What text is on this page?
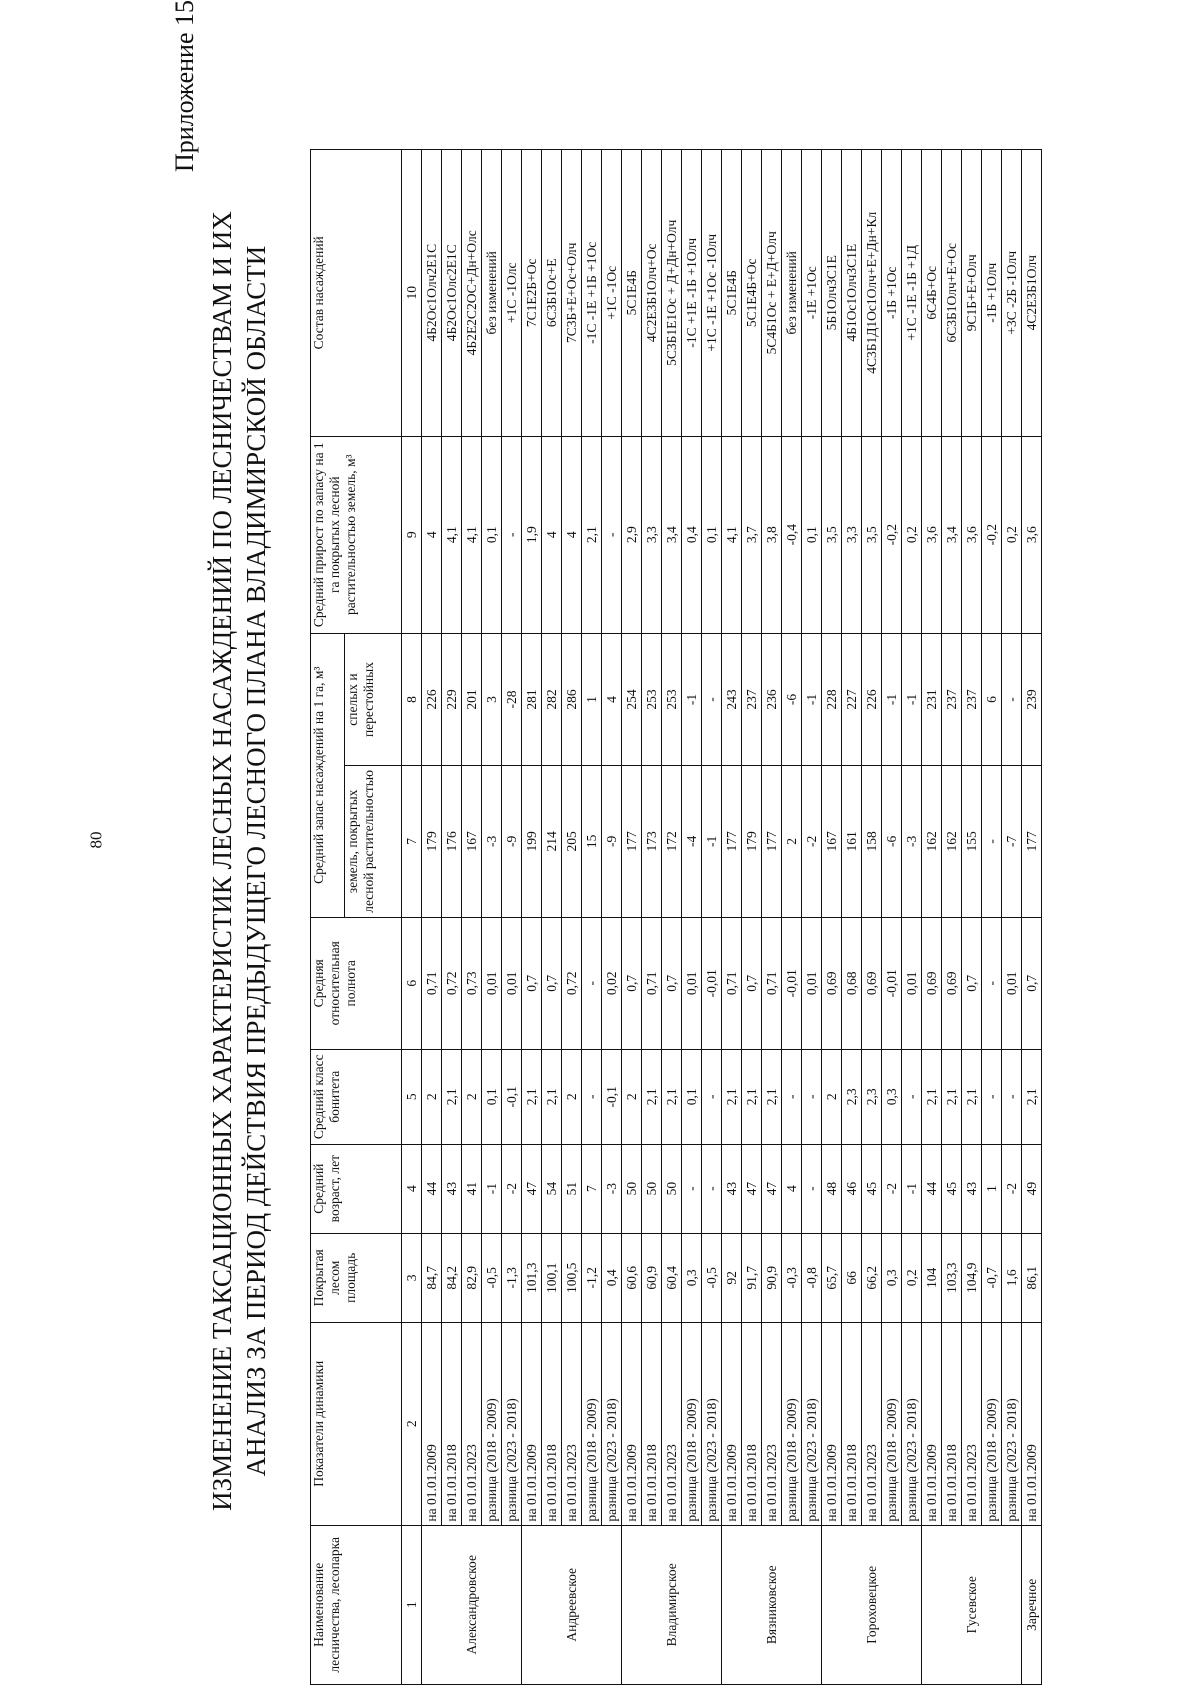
Приложение 15
ИЗМЕНЕНИЕ ТАКСАЦИОННЫХ ХАРАКТЕРИСТИК ЛЕСНЫХ НАСАЖДЕНИЙ ПО ЛЕСНИЧЕСТВАМ И ИХ АНАЛИЗ ЗА ПЕРИОД ДЕЙСТВИЯ ПРЕДЫДУЩЕГО ЛЕСНОГО ПЛАНА ВЛАДИМИРСКОЙ ОБЛАСТИ
Наименование лесничества, лесопарка	Показатели динамики	Покрытая лесом площадь	Средний возраст, лет	Средний класс бонитета	Средняя относительная полнота	Средний запас насаждений на 1 га, м³		Средний прирост по запасу на 1 га покрытых лесной растительностью земель, м³	Состав насаждений
						земель, покрытых лесной растительностью	спелых и перестойных		
1	2	3	4	5	6	7	8	9	10
Александровское	на 01.01.2009	84,7	44	2	0,71	179	226	4	4Б2Ос1Олч2Е1С
	на 01.01.2018	84,2	43	2,1	0,72	176	229	4,1	4Б2Ос1Олс2Е1С
	на 01.01.2023	82,9	41	2	0,73	167	201	4,1	4Б2Е2С2ОС+Дн+Олс
	разница (2018 - 2009)	-0,5	-1	0,1	0,01	-3	3	0,1	без изменений
	разница (2023 - 2018)	-1,3	-2	-0,1	0,01	-9	-28	-	+1С -1Олс
Андреевское	на 01.01.2009	101,3	47	2,1	0,7	199	281	1,9	7С1Е2Б+Ос
	на 01.01.2018	100,1	54	2,1	0,7	214	282	4	6С3Б1Ос+Е
	на 01.01.2023	100,5	51	2	0,72	205	286	4	7С3Б+Е+Ос+Олч
	разница (2018 - 2009)	-1,2	7	-	-	15	1	2,1	-1С -1Е +1Б +1Ос
	разница (2023 - 2018)	0,4	-3	-0,1	0,02	-9	4	-	+1С -1Ос
Владимирское	на 01.01.2009	60,6	50	2	0,7	177	254	2,9	5С1Е4Б
	на 01.01.2018	60,9	50	2,1	0,71	173	253	3,3	4С2Е3Б1Олч+Ос
	на 01.01.2023	60,4	50	2,1	0,7	172	253	3,4	5С3Б1Е1Ос + Д+Дн+Олч
	разница (2018 - 2009)	0,3	-	0,1	0,01	-4	-1	0,4	-1С +1Е -1Б +1Олч
	разница (2023 - 2018)	-0,5	-	-	-0,01	-1	-	0,1	+1С -1Е +1Ос -1Олч
Вязниковское	на 01.01.2009	92	43	2,1	0,71	177	243	4,1	5С1Е4Б
	на 01.01.2018	91,7	47	2,1	0,7	179	237	3,7	5С1Е4Б+Ос
	на 01.01.2023	90,9	47	2,1	0,71	177	236	3,8	5С4Б1Ос + Е+Д+Олч
	разница (2018 - 2009)	-0,3	4	-	-0,01	2	-6	-0,4	без изменений
	разница (2023 - 2018)	-0,8	-	-	0,01	-2	-1	0,1	-1Е +1Ос
Гороховецкое	на 01.01.2009	65,7	48	2	0,69	167	228	3,5	5Б1Олч3С1Е
	на 01.01.2018	66	46	2,3	0,68	161	227	3,3	4Б1Ос1Олч3С1Е
	на 01.01.2023	66,2	45	2,3	0,69	158	226	3,5	4С3Б1Д1Ос1Олч+Е+Дн+Кл
	разница (2018 - 2009)	0,3	-2	0,3	-0,01	-6	-1	-0,2	-1Б +1Ос
	разница (2023 - 2018)	0,2	-1	-	0,01	-3	-1	0,2	+1С -1Е -1Б +1Д
Гусевское	на 01.01.2009	104	44	2,1	0,69	162	231	3,6	6С4Б+Ос
	на 01.01.2018	103,3	45	2,1	0,69	162	237	3,4	6С3Б1Олч+Е+Ос
	на 01.01.2023	104,9	43	2,1	0,7	155	237	3,6	9С1Б+Е+Олч
	разница (2018 - 2009)	-0,7	1	-	-	-	6	-0,2	-1Б +1Олч
	разница (2023 - 2018)	1,6	-2	-	0,01	-7	-	0,2	+3С -2Б -1Олч
Заречное	на 01.01.2009	86,1	49	2,1	0,7	177	239	3,6	4С2Е3Б1Олч
80
